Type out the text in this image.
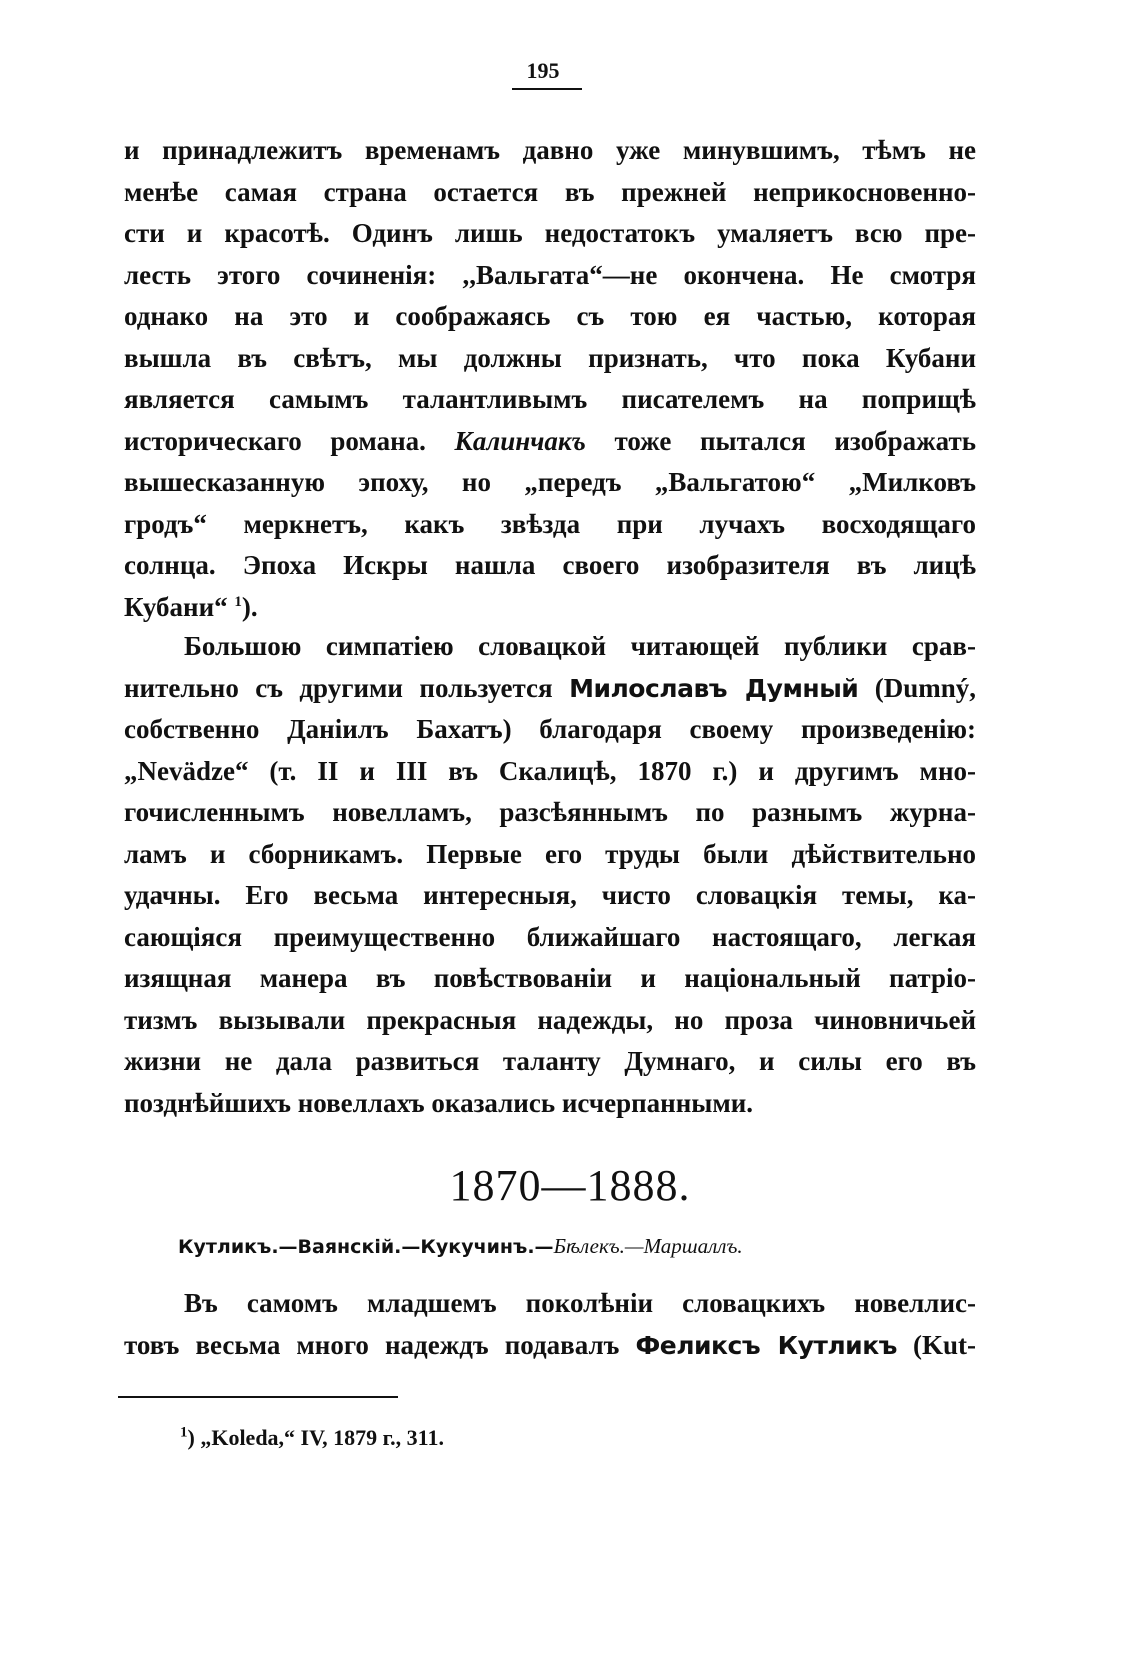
195
и принадлежитъ временамъ давно уже минувшимъ, тѣмъ не
менѣе самая страна остается въ прежней неприкосновенно-
сти и красотѣ. Одинъ лишь недостатокъ умаляетъ всю пре-
лесть этого сочиненія: ,,Вальгата“—не окончена. Не смотря
однако на это и соображаясь съ тою ея частью, которая
вышла въ свѣтъ, мы должны признать, что пока Кубани
является самымъ талантливымъ писателемъ на поприщѣ
историческаго романа. Калинчакъ тоже пытался изображать
вышесказанную эпоху, но „передъ „Вальгатою“ „Милковъ
гродъ“ меркнетъ, какъ звѣзда при лучахъ восходящаго
солнца. Эпоха Искры нашла своего изобразителя въ лицѣ
Кубани“ $^1$).
Большою симпатіею словацкой читающей публики срав-
нительно съ другими пользуется Милославъ Думный (Dumný,
собственно Даніилъ Бахатъ) благодаря своему произведенію:
„Nevädze“ (т. II и III въ Скалицѣ, 1870 г.) и другимъ мно-
гочисленнымъ новелламъ, разсѣяннымъ по разнымъ журна-
ламъ и сборникамъ. Первые его труды были дѣйствительно
удачны. Его весьма интересныя, чисто словацкія темы, ка-
сающіяся преимущественно ближайшаго настоящаго, легкая
изящная манера въ повѣствованіи и національный патріо-
тизмъ вызывали прекрасныя надежды, но проза чиновничьей
жизни не дала развиться таланту Думнаго, и силы его въ
позднѣйшихъ новеллахъ оказались исчерпанными.
1870—1888.
Кутликъ.—Ваянскій.—Кукучинъ.—Бѣлекъ.—Маршаллъ.
Въ самомъ младшемъ поколѣніи словацкихъ новеллис-
товъ весьма много надеждъ подавалъ Феликсъ Кутликъ (Kut-
$^1$) „Koleda,“ IV, 1879 г., 311.
